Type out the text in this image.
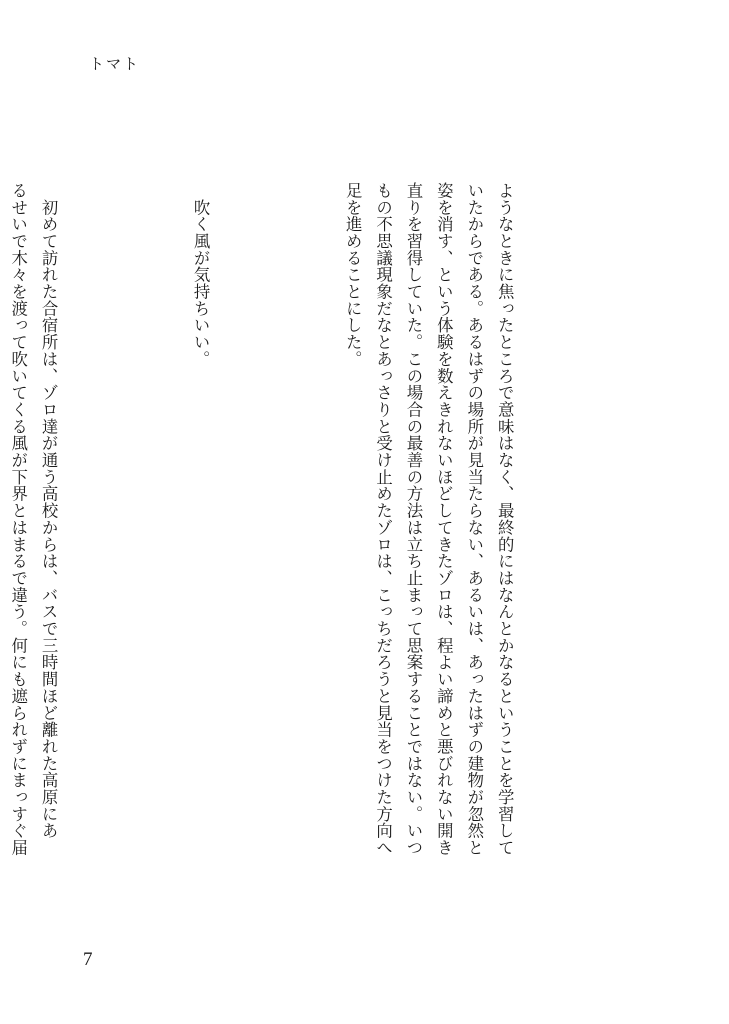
トマト

ようなときに焦ったところで意味はなく、最終的にはなんとかなるということを学習して
いたからである。あるはずの場所が見当たらない、あるいは、あったはずの建物が忽然と
姿を消す、という体験を数えきれないほどしてきたゾロは、程よい諦めと悪びれない開き
直りを習得していた。この場合の最善の方法は立ち止まって思案することではない。いつ
もの不思議現象だなとあっさりと受け止めたゾロは、こっちだろうと見当をつけた方向へ
足を進めることにした。

　吹く風が気持ちいい。

　初めて訪れた合宿所は、ゾロ達が通う高校からは、バスで三時間ほど離れた高原にあ
るせいで木々を渡って吹いてくる風が下界とはまるで違う。何にも遮られずにまっすぐ届

7
